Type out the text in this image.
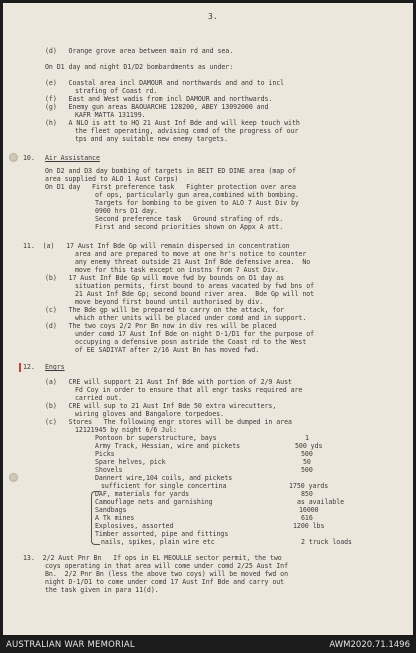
3.
(d)   Orange grove area between main rd and sea.
On D1 day and night D1/D2 bombardments as under:
(e)   Coastal area incl DAMOUR and northwards and and to incl
strafing of Coast rd.
(f)   East and West wadis from incl DAMOUR and northwards.
(g)   Enemy gun areas BAOUARCHE 128200, ABEY 13092000 and
KAFR MATTA 131199.
(h)   A NLO is att to HQ 21 Aust Inf Bde and will keep touch with
the fleet operating, advising comd of the progress of our
tps and any suitable new enemy targets.
10. Air Assistance
On D2 and D3 day bombing of targets in BEIT ED DINE area (map of
area supplied to ALO 1 Aust Corps)
On D1 day   First preference task   Fighter protection over area
of ops, particularly gun area,combined with bombing.
Targets for bombing to be given to ALO 7 Aust Div by
0900 hrs D1 day.
Second preference task   Ground strafing of rds.
First and second priorities shown on Appx A att.
11.  (a)   17 Aust Inf Bde Gp will remain dispersed in concentration
area and are prepared to move at one hr's notice to counter
any enemy threat outside 21 Aust Inf Bde defensive area.  No
move for this task except on instns from 7 Aust Div.
(b)   17 Aust Inf Bde Gp will move fwd by bounds on D1 day as
situation permits, first bound to areas vacated by fwd bns of
21 Aust Inf Bde Gp; second bound river area.  Bde Gp will not
move beyond first bound until authorised by div.
(c)   The Bde gp will be prepared to carry on the attack, for
which other units will be placed under comd and in support.
(d)   The two coys 2/2 Pnr Bn now in div res will be placed
under comd 17 Aust Inf Bde on night D-1/D1 for the purpose of
occupying a defensive posn astride the Coast rd to the West
of EE SADIYAT after 2/16 Aust Bn has moved fwd.
12. Engrs
(a)   CRE will support 21 Aust Inf Bde with portion of 2/9 Aust
Fd Coy in order to ensure that all engr tasks required are
carried out.
(b)   CRE will sup to 21 Aust Inf Bde 50 extra wirecutters,
wiring gloves and Bangalore torpedoes.
(c)   Stores   The following engr stores will be dumped in area
12121945 by night 6/6 Jul:
Pontoon br superstructure, bays
Army Track, Hessian, wire and pickets
Picks
Spare helves, pick
Shovels
Dannert wire,104 coils, and pickets
sufficient for single concertina
DAF, materials for yards
Camouflage nets and garnishing
Sandbags
A Tk mines
Explosives, assorted
Timber assorted, pipe and fittings
nails, spikes, plain wire etc
13.  2/2 Aust Pnr Bn   If ops in EL MEOULLE sector permit, the two
coys operating in that area will come under comd 2/25 Aust Inf
Bn.  2/2 Pnr Bn (less the above two coys) will be moved fwd on
night D-1/D1 to come under comd 17 Aust Inf Bde and carry out
the task given in para 11(d).
1
500 yds
500
50
500
1750 yards
850
as available
16000
616
1200 lbs
2 truck loads
AUSTRALIAN WAR MEMORIAL	AWM2020.71.1496
